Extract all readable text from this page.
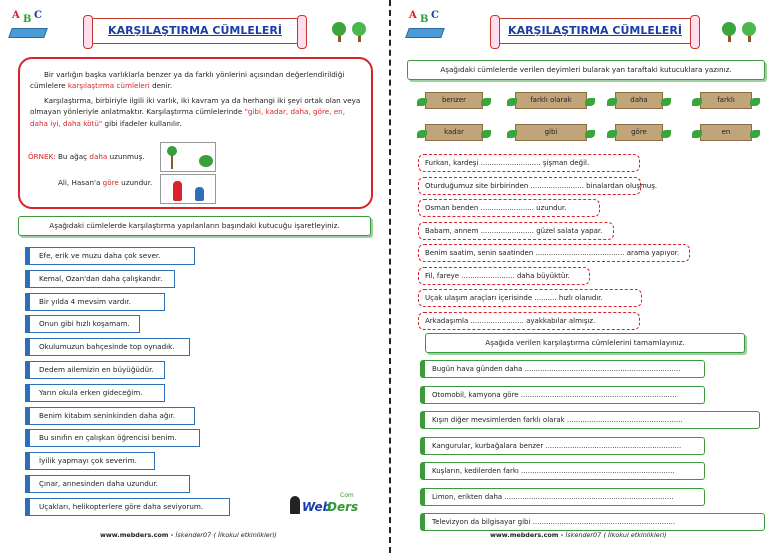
A B C
KARŞILAŞTIRMA CÜMLELERİ

Bir varlığın başka varlıklarla benzer ya da farklı yönlerini açısından değerlendirildiği cümlelere karşılaştırma cümleleri denir.

Karşılaştırma, birbiriyle ilgili iki varlık, iki kavram ya da herhangi iki şeyi ortak olan veya olmayan yönleriyle anlatmaktır. Karşılaştırma cümlelerinde "gibi, kadar, daha, göre, en, daha iyi, daha kötü" gibi ifadeler kullanılır.

ÖRNEK: Bu ağaç daha uzunmuş.
Ali, Hasan'a göre uzundur.
Aşağıdaki cümlelerde karşılaştırma yapılanların başındaki kutucuğu işaretleyiniz.
Efe, erik ve muzu daha çok sever.
Kemal, Ozan'dan daha çalışkandır.
Bir yılda 4 mevsim vardır.
Onun gibi hızlı koşamam.
Okulumuzun bahçesinde top oynadık.
Dedem ailemizin en büyüğüdür.
Yarın okula erken gideceğim.
Benim kitabım seninkinden daha ağır.
Bu sınıfın en çalışkan öğrencisi benim.
İyilik yapmayı çok severim.
Çınar, annesinden daha uzundur.
Uçakları, helikopterlere göre daha seviyorum.	Web
Ders
Com
www.mebders.com - İskender07 ( İlkokul etkinlikleri)
A B C
KARŞILAŞTIRMA CÜMLELERİ
Aşağıdaki cümlelerde verilen deyimleri bularak yan taraftaki kutucuklara yazınız.
benzer	farklı olarak	daha	farklı
kadar	gibi	göre	en
Furkan, kardeşi ........................... şişman değil.
Oturduğumuz site birbirinden ........................ binalardan oluşmuş.
Osman benden ........................ uzundur.
Babam, annem ........................ güzel salata yapar.
Benim saatim, senin saatinden ........................................ arama yapıyor.
Fil, fareye ........................ daha büyüktür.
Uçak ulaşım araçları içerisinde .......... hızlı olanıdır.
Arkadaşımla ........................ ayakkabılar almışız.
Aşağıda verilen karşılaştırma cümlelerini tamamlayınız.
Bugün hava günden daha ......................................................................
Otomobil, kamyona göre ......................................................................
Kışın diğer mevsimlerden farklı olarak ....................................................
Kangurular, kurbağalara benzer .............................................................
Kuşların, kedilerden farkı .....................................................................
Limon, erikten daha ............................................................................
Televizyon da bilgisayar gibi ................................................................
www.mebders.com - İskender07 ( İlkokul etkinlikleri)
